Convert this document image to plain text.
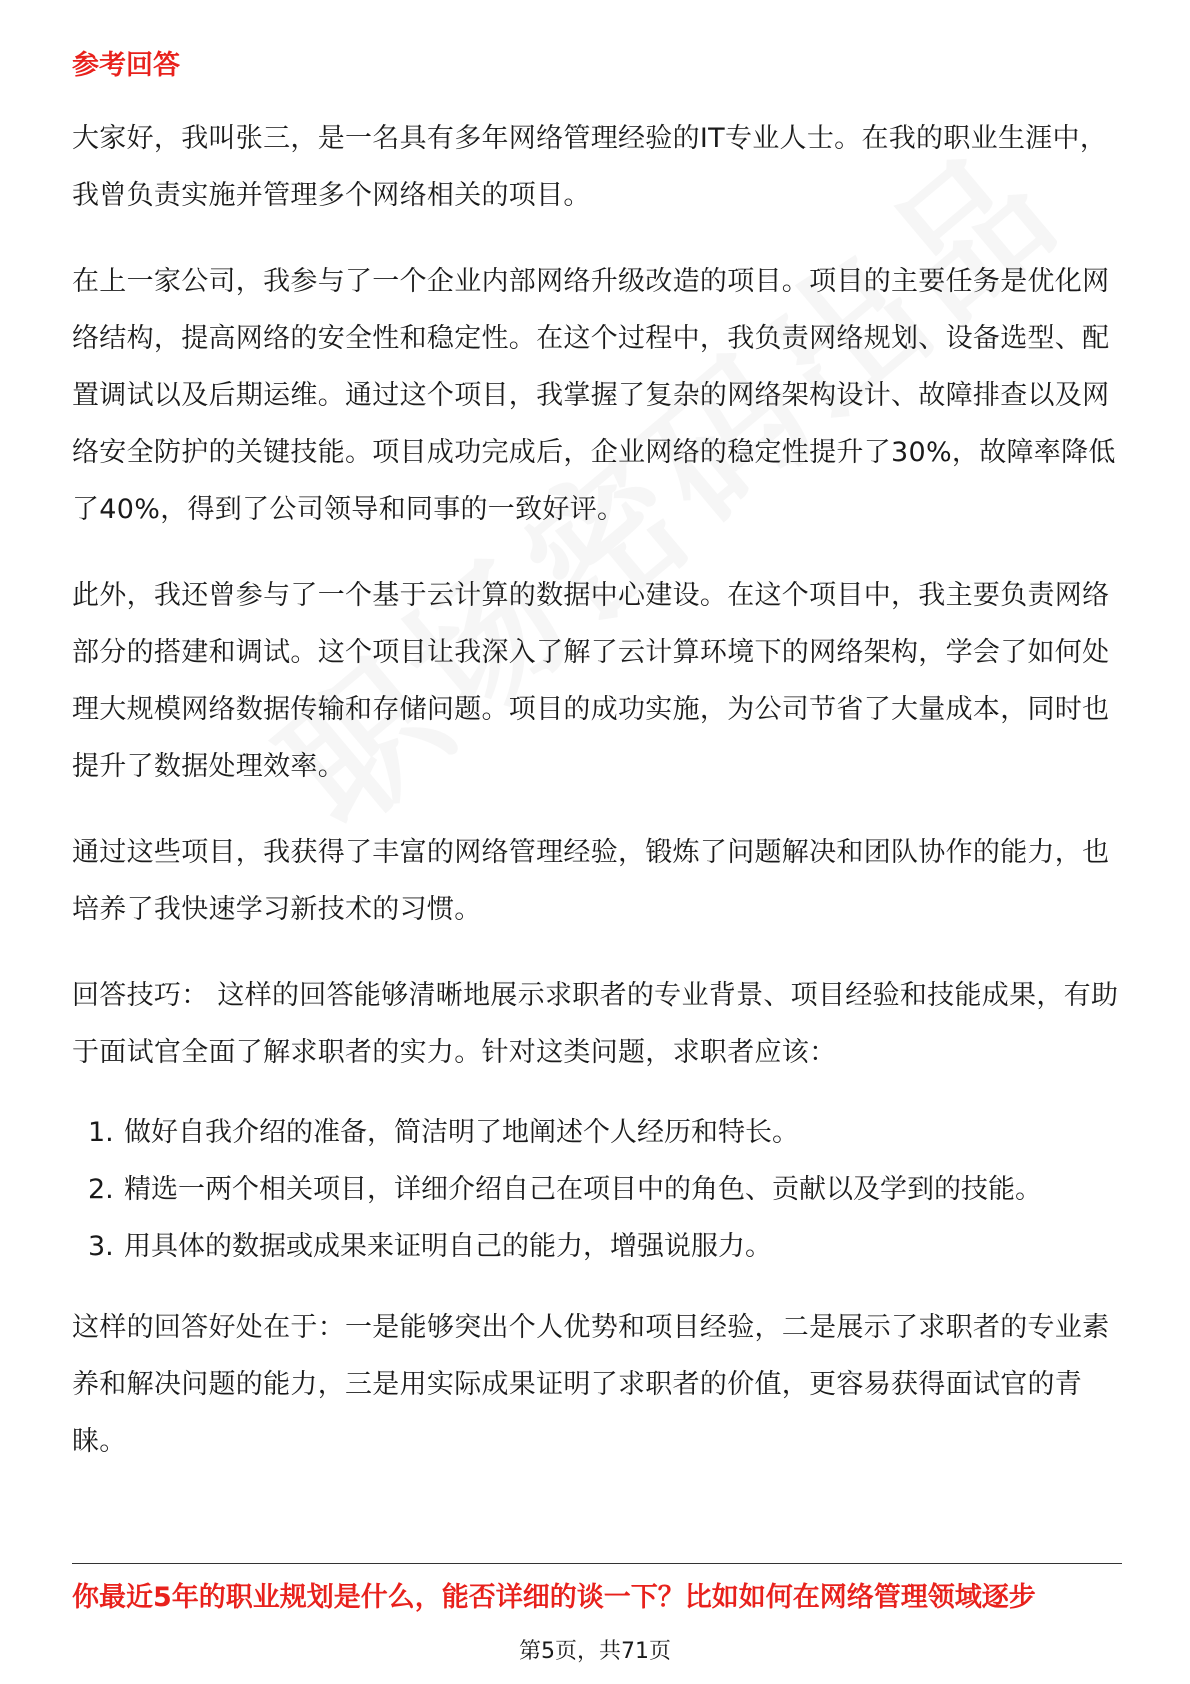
参考回答

大家好，我叫张三，是一名具有多年网络管理经验的IT专业人士。在我的职业生涯中，我曾负责实施并管理多个网络相关的项目。

在上一家公司，我参与了一个企业内部网络升级改造的项目。项目的主要任务是优化网络结构，提高网络的安全性和稳定性。在这个过程中，我负责网络规划、设备选型、配置调试以及后期运维。通过这个项目，我掌握了复杂的网络架构设计、故障排查以及网络安全防护的关键技能。项目成功完成后，企业网络的稳定性提升了30%，故障率降低了40%，得到了公司领导和同事的一致好评。

此外，我还曾参与了一个基于云计算的数据中心建设。在这个项目中，我主要负责网络部分的搭建和调试。这个项目让我深入了解了云计算环境下的网络架构，学会了如何处理大规模网络数据传输和存储问题。项目的成功实施，为公司节省了大量成本，同时也提升了数据处理效率。

通过这些项目，我获得了丰富的网络管理经验，锻炼了问题解决和团队协作的能力，也培养了我快速学习新技术的习惯。

回答技巧： 这样的回答能够清晰地展示求职者的专业背景、项目经验和技能成果，有助于面试官全面了解求职者的实力。针对这类问题，求职者应该：

1. 做好自我介绍的准备，简洁明了地阐述个人经历和特长。
2. 精选一两个相关项目，详细介绍自己在项目中的角色、贡献以及学到的技能。
3. 用具体的数据或成果来证明自己的能力，增强说服力。

这样的回答好处在于：一是能够突出个人优势和项目经验，二是展示了求职者的专业素养和解决问题的能力，三是用实际成果证明了求职者的价值，更容易获得面试官的青睐。

你最近5年的职业规划是什么，能否详细的谈一下？比如如何在网络管理领域逐步
第5页，共71页
